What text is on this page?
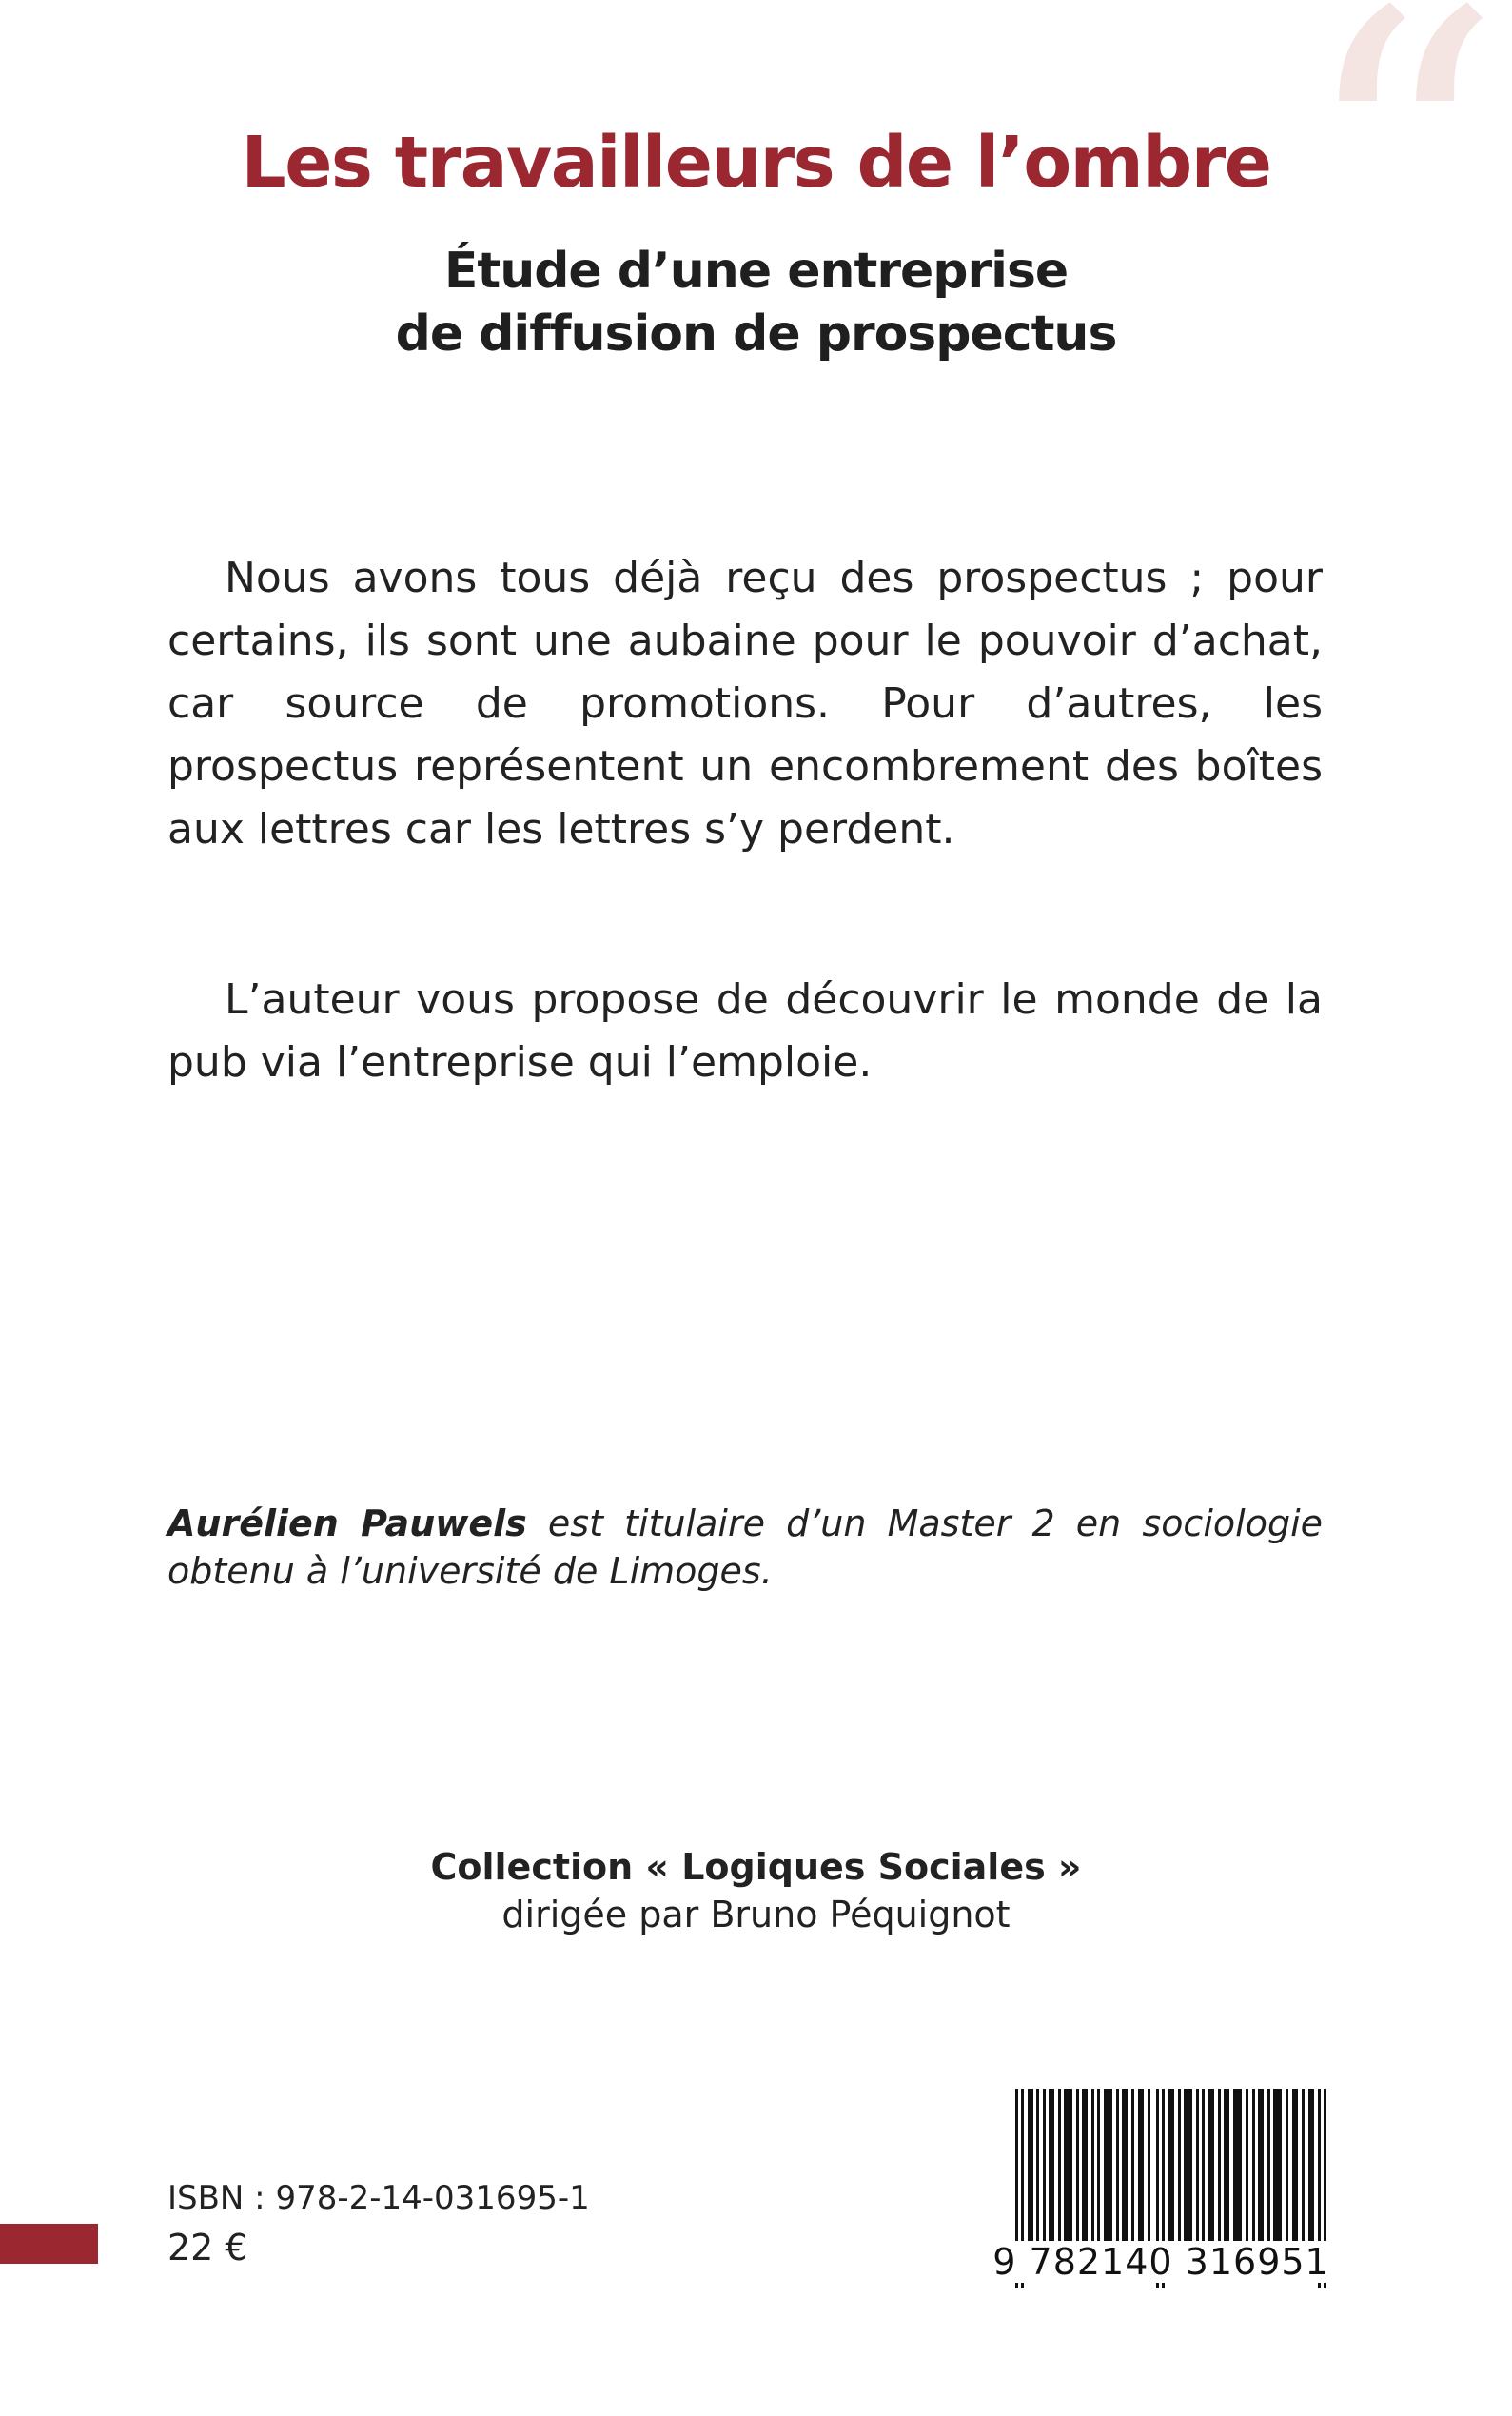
“
Les travailleurs de l’ombre
Étude d’une entreprise
de diffusion de prospectus

Nous avons tous déjà reçu des prospectus ; pour certains, ils sont une aubaine pour le pouvoir d’achat, car source de promotions. Pour d’autres, les prospectus représentent un encombrement des boîtes aux lettres car les lettres s’y perdent.

L’auteur vous propose de découvrir le monde de la pub via l’entreprise qui l’emploie.

Aurélien Pauwels est titulaire d’un Master 2 en sociologie obtenu à l’université de Limoges.

Collection « Logiques Sociales »

dirigée par Bruno Péquignot

ISBN : 978-2-14-031695-1
22 €	9 782140 316951
